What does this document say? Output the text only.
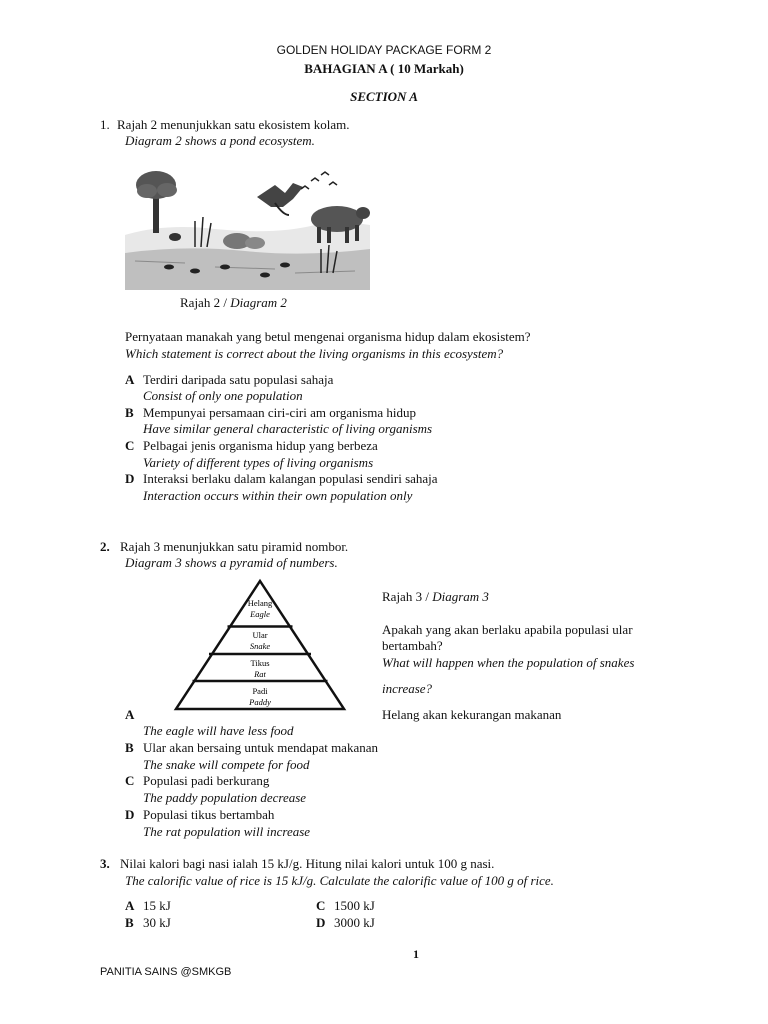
GOLDEN HOLIDAY PACKAGE FORM 2
BAHAGIAN A ( 10 Markah)
SECTION A
1. Rajah 2 menunjukkan satu ekosistem kolam.
Diagram 2 shows a pond ecosystem.
Rajah 2 / Diagram 2
Pernyataan manakah yang betul mengenai organisma hidup dalam ekosistem?
Which statement is correct about the living organisms in this ecosystem?
A Terdiri daripada satu populasi sahaja
Consist of only one population
B Mempunyai persamaan ciri-ciri am organisma hidup
Have similar general characteristic of living organisms
C Pelbagai jenis organisma hidup yang berbeza
Variety of different types of living organisms
D Interaksi berlaku dalam kalangan populasi sendiri sahaja
Interaction occurs within their own population only
2. Rajah 3 menunjukkan satu piramid nombor.
Diagram 3 shows a pyramid of numbers.
Helang
Eagle
Ular
Snake
Tikus
Rat
Padi
Paddy
Rajah 3 / Diagram 3
Apakah yang akan berlaku apabila populasi ular
bertambah?
What will happen when the population of snakes
increase?
A	Helang akan kekurangan makanan
The eagle will have less food
B Ular akan bersaing untuk mendapat makanan
The snake will compete for food
C Populasi padi berkurang
The paddy population decrease
D Populasi tikus bertambah
The rat population will increase
3. Nilai kalori bagi nasi ialah 15 kJ/g. Hitung nilai kalori untuk 100 g nasi.
The calorific value of rice is 15 kJ/g. Calculate the calorific value of 100 g of rice.
A 15 kJ
B 30 kJ
C 1500 kJ
D 3000 kJ
1
PANITIA SAINS @SMKGB
